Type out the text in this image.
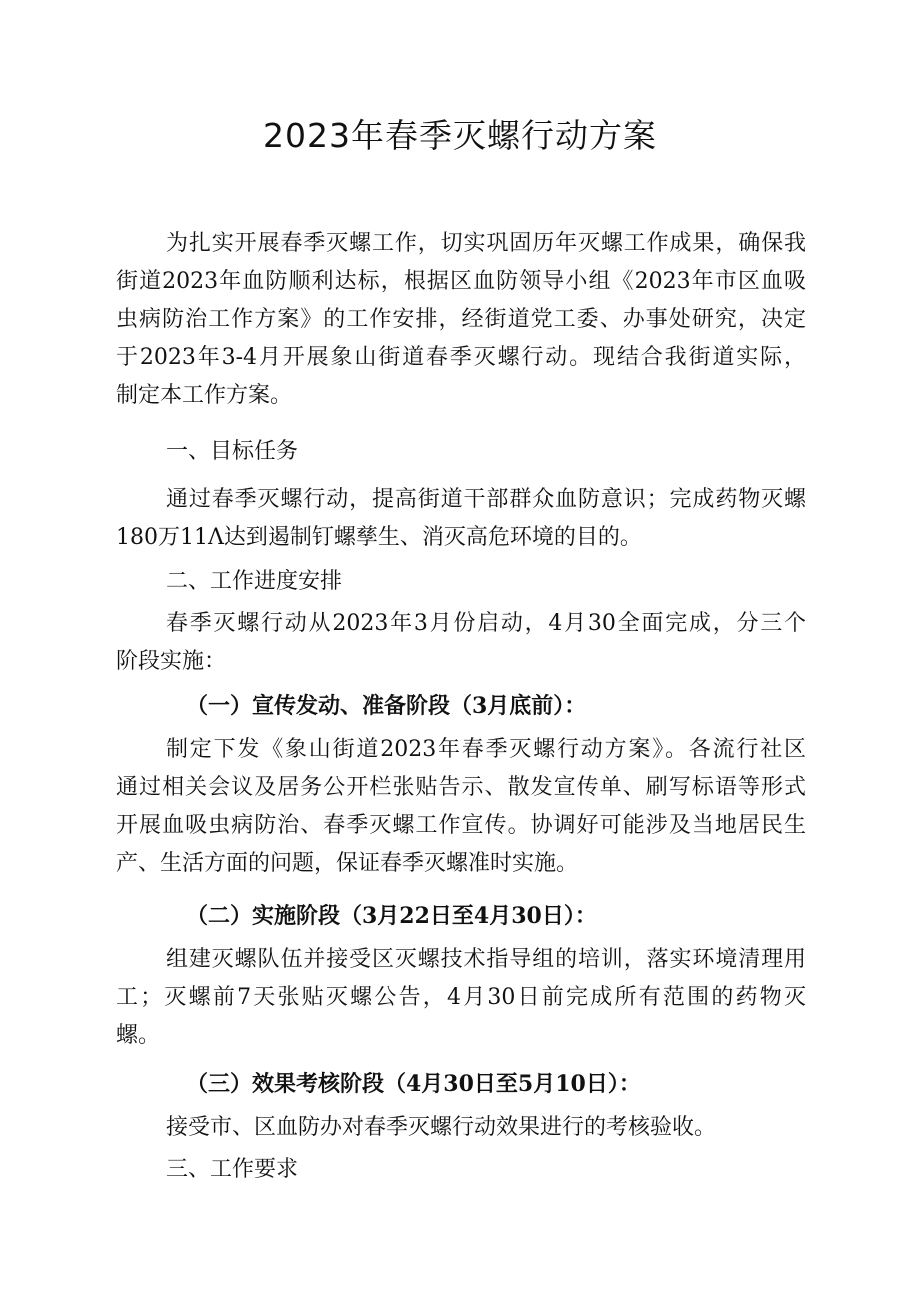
2023年春季灭螺行动方案
为扎实开展春季灭螺工作，切实巩固历年灭螺工作成果，确保我
街道2023年血防顺利达标，根据区血防领导小组《2023年市区血吸
虫病防治工作方案》的工作安排，经街道党工委、办事处研究，决定
于2023年3-4月开展象山街道春季灭螺行动。现结合我街道实际，
制定本工作方案。
一、目标任务
通过春季灭螺行动，提高街道干部群众血防意识；完成药物灭螺
180万11Λ达到遏制钉螺孳生、消灭高危环境的目的。
二、工作进度安排
春季灭螺行动从2023年3月份启动，4月30全面完成，分三个
阶段实施：
（一）宣传发动、准备阶段（3月底前）：
制定下发《象山街道2023年春季灭螺行动方案》。各流行社区
通过相关会议及居务公开栏张贴告示、散发宣传单、刷写标语等形式
开展血吸虫病防治、春季灭螺工作宣传。协调好可能涉及当地居民生
产、生活方面的问题，保证春季灭螺准时实施。
（二）实施阶段（3月22日至4月30日）：
组建灭螺队伍并接受区灭螺技术指导组的培训，落实环境清理用
工；灭螺前7天张贴灭螺公告，4月30日前完成所有范围的药物灭
螺。
（三）效果考核阶段（4月30日至5月10日）：
接受市、区血防办对春季灭螺行动效果进行的考核验收。
三、工作要求
